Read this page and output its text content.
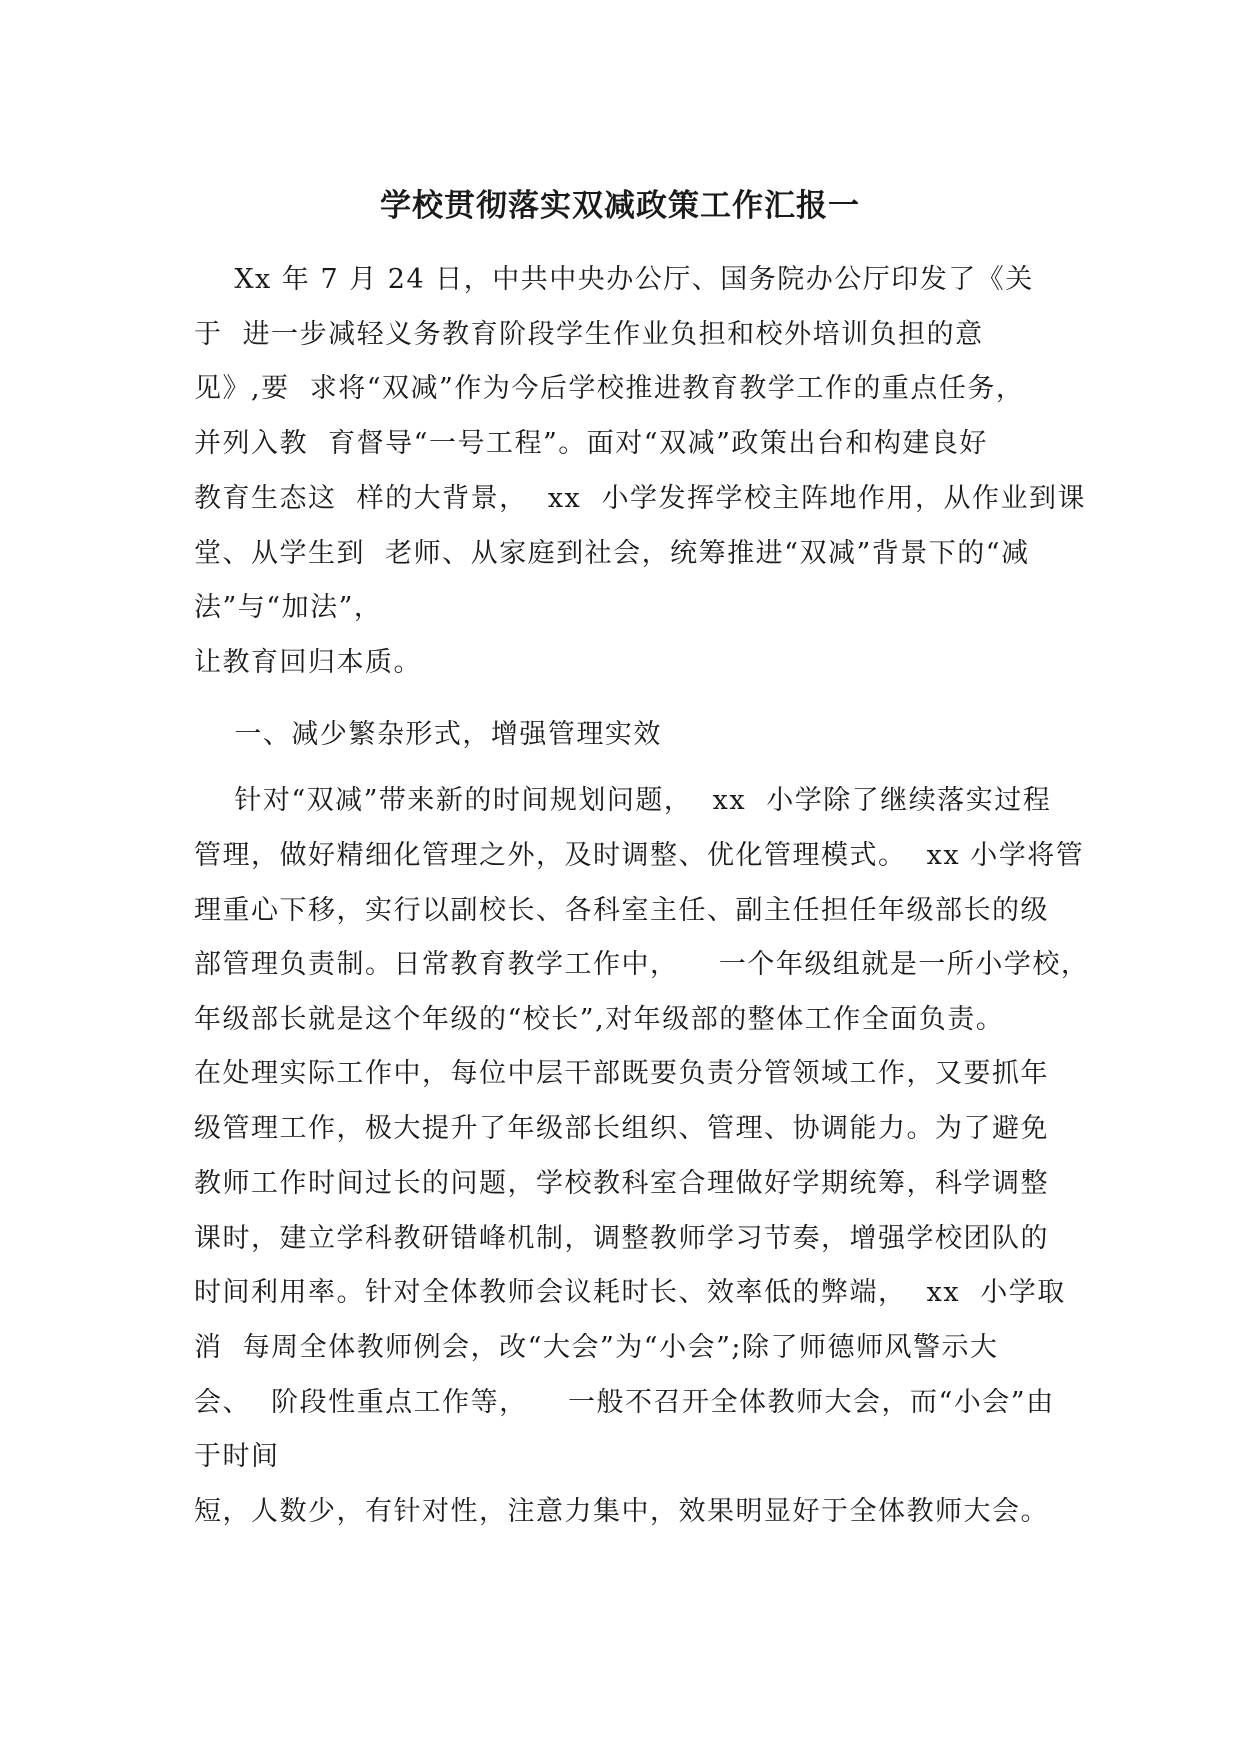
学校贯彻落实双减政策工作汇报一
Xx 年 7 月 24 日，中共中央办公厅、国务院办公厅印发了《关
于  进一步减轻义务教育阶段学生作业负担和校外培训负担的意
见》,要  求将“双减”作为今后学校推进教育教学工作的重点任务，
并列入教  育督导“一号工程”。面对“双减”政策出台和构建良好
教育生态这  样的大背景，  xx  小学发挥学校主阵地作用，从作业到课
堂、从学生到  老师、从家庭到社会，统筹推进“双减”背景下的“减
法”与“加法”，
让教育回归本质。
一、减少繁杂形式，增强管理实效
针对“双减”带来新的时间规划问题，  xx  小学除了继续落实过程
管理，做好精细化管理之外，及时调整、优化管理模式。  xx 小学将管
理重心下移，实行以副校长、各科室主任、副主任担任年级部长的级
部管理负责制。日常教育教学工作中，    一个年级组就是一所小学校，
年级部长就是这个年级的“校长”,对年级部的整体工作全面负责。
在处理实际工作中，每位中层干部既要负责分管领域工作，又要抓年
级管理工作，极大提升了年级部长组织、管理、协调能力。为了避免
教师工作时间过长的问题，学校教科室合理做好学期统筹，科学调整
课时，建立学科教研错峰机制，调整教师学习节奏，增强学校团队的
时间利用率。针对全体教师会议耗时长、效率低的弊端，  xx  小学取
消  每周全体教师例会，改“大会”为“小会”;除了师德师风警示大
会、  阶段性重点工作等，    一般不召开全体教师大会，而“小会”由
于时间
短，人数少，有针对性，注意力集中，效果明显好于全体教师大会。
